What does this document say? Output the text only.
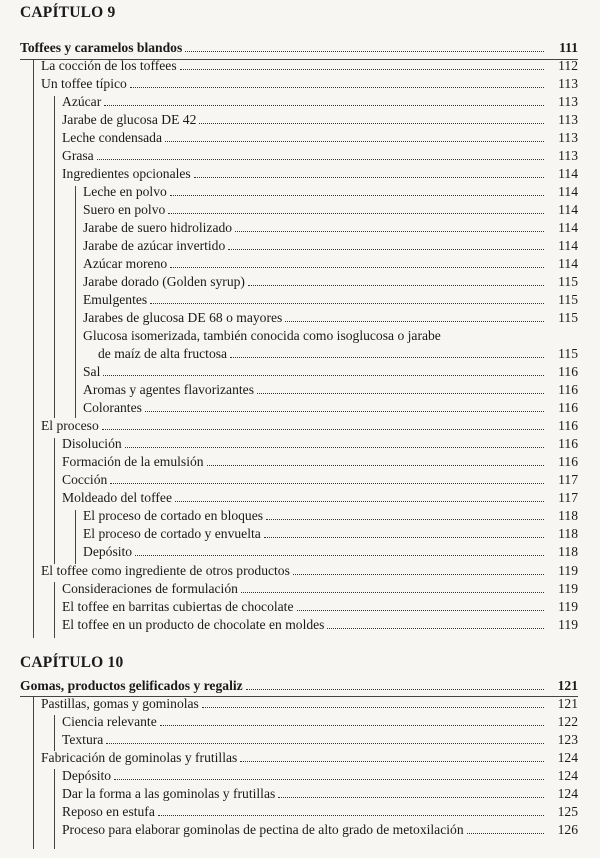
CAPÍTULO 9
Toffees y caramelos blandos	111
La cocción de los toffees	112
Un toffee típico	113
Azúcar	113
Jarabe de glucosa DE 42	113
Leche condensada	113
Grasa	113
Ingredientes opcionales	114
Leche en polvo	114
Suero en polvo	114
Jarabe de suero hidrolizado	114
Jarabe de azúcar invertido	114
Azúcar moreno	114
Jarabe dorado (Golden syrup)	115
Emulgentes	115
Jarabes de glucosa DE 68 o mayores	115
Glucosa isomerizada, también conocida como isoglucosa o jarabe
de maíz de alta fructosa	115
Sal	116
Aromas y agentes flavorizantes	116
Colorantes	116
El proceso	116
Disolución	116
Formación de la emulsión	116
Cocción	117
Moldeado del toffee	117
El proceso de cortado en bloques	118
El proceso de cortado y envuelta	118
Depósito	118
El toffee como ingrediente de otros productos	119
Consideraciones de formulación	119
El toffee en barritas cubiertas de chocolate	119
El toffee en un producto de chocolate en moldes	119
CAPÍTULO 10
Gomas, productos gelificados y regaliz	121
Pastillas, gomas y gominolas	121
Ciencia relevante	122
Textura	123
Fabricación de gominolas y frutillas	124
Depósito	124
Dar la forma a las gominolas y frutillas	124
Reposo en estufa	125
Proceso para elaborar gominolas de pectina de alto grado de metoxilación	126
